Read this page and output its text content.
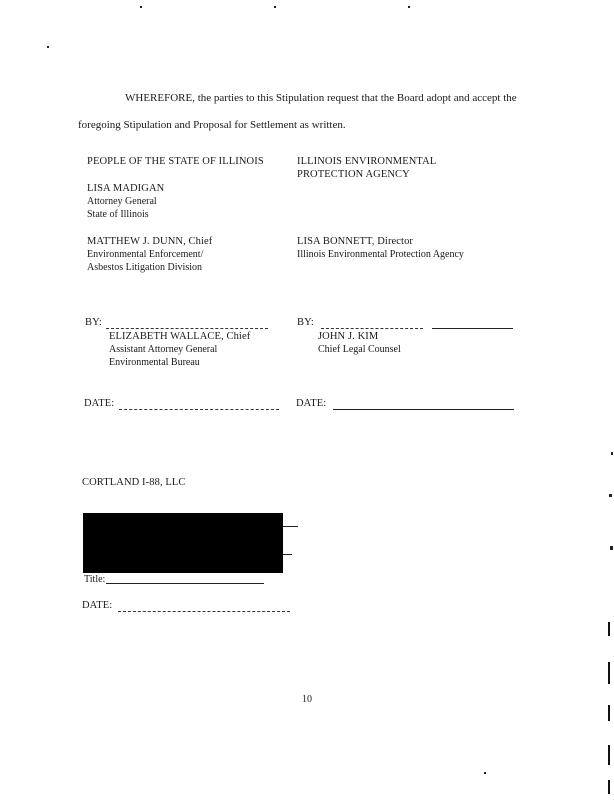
WHEREFORE, the parties to this Stipulation request that the Board adopt and accept the
foregoing Stipulation and Proposal for Settlement as written.
PEOPLE OF THE STATE OF ILLINOIS
LISA MADIGAN
Attorney General
State of Illinois
MATTHEW J. DUNN, Chief
Environmental Enforcement/
Asbestos Litigation Division
BY:
ELIZABETH WALLACE, Chief
Assistant Attorney General
Environmental Bureau
DATE:
ILLINOIS ENVIRONMENTAL
PROTECTION AGENCY
LISA BONNETT, Director
Illinois Environmental Protection Agency
BY:
JOHN J. KIM
Chief Legal Counsel
DATE:
CORTLAND I-88, LLC
Title:
DATE:
10
